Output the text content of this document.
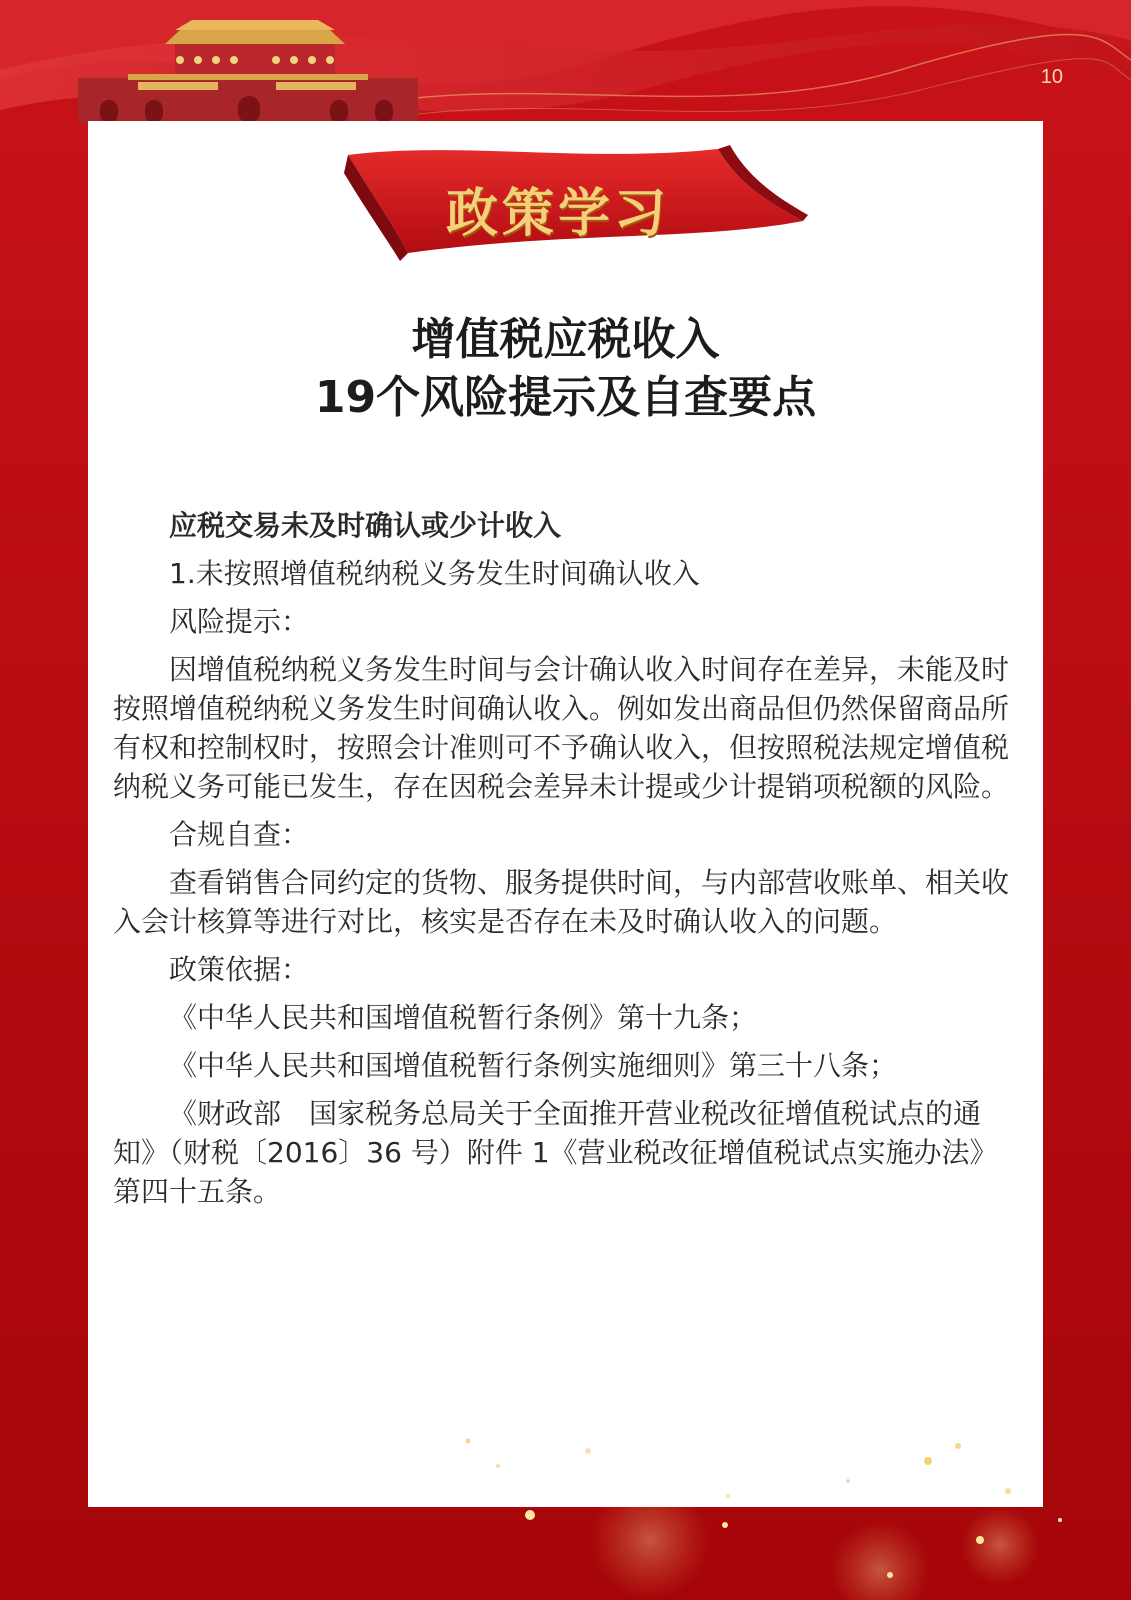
10
政策学习
增值税应税收入
19个风险提示及自查要点

应税交易未及时确认或少计收入

1.未按照增值税纳税义务发生时间确认收入

风险提示：

因增值税纳税义务发生时间与会计确认收入时间存在差异，未能及时按照增值税纳税义务发生时间确认收入。例如发出商品但仍然保留商品所有权和控制权时，按照会计准则可不予确认收入，但按照税法规定增值税纳税义务可能已发生，存在因税会差异未计提或少计提销项税额的风险。

合规自查：

查看销售合同约定的货物、服务提供时间，与内部营收账单、相关收入会计核算等进行对比，核实是否存在未及时确认收入的问题。

政策依据：

《中华人民共和国增值税暂行条例》第十九条；

《中华人民共和国增值税暂行条例实施细则》第三十八条；

《财政部　国家税务总局关于全面推开营业税改征增值税试点的通知》（财税〔2016〕36 号）附件 1《营业税改征增值税试点实施办法》第四十五条。
